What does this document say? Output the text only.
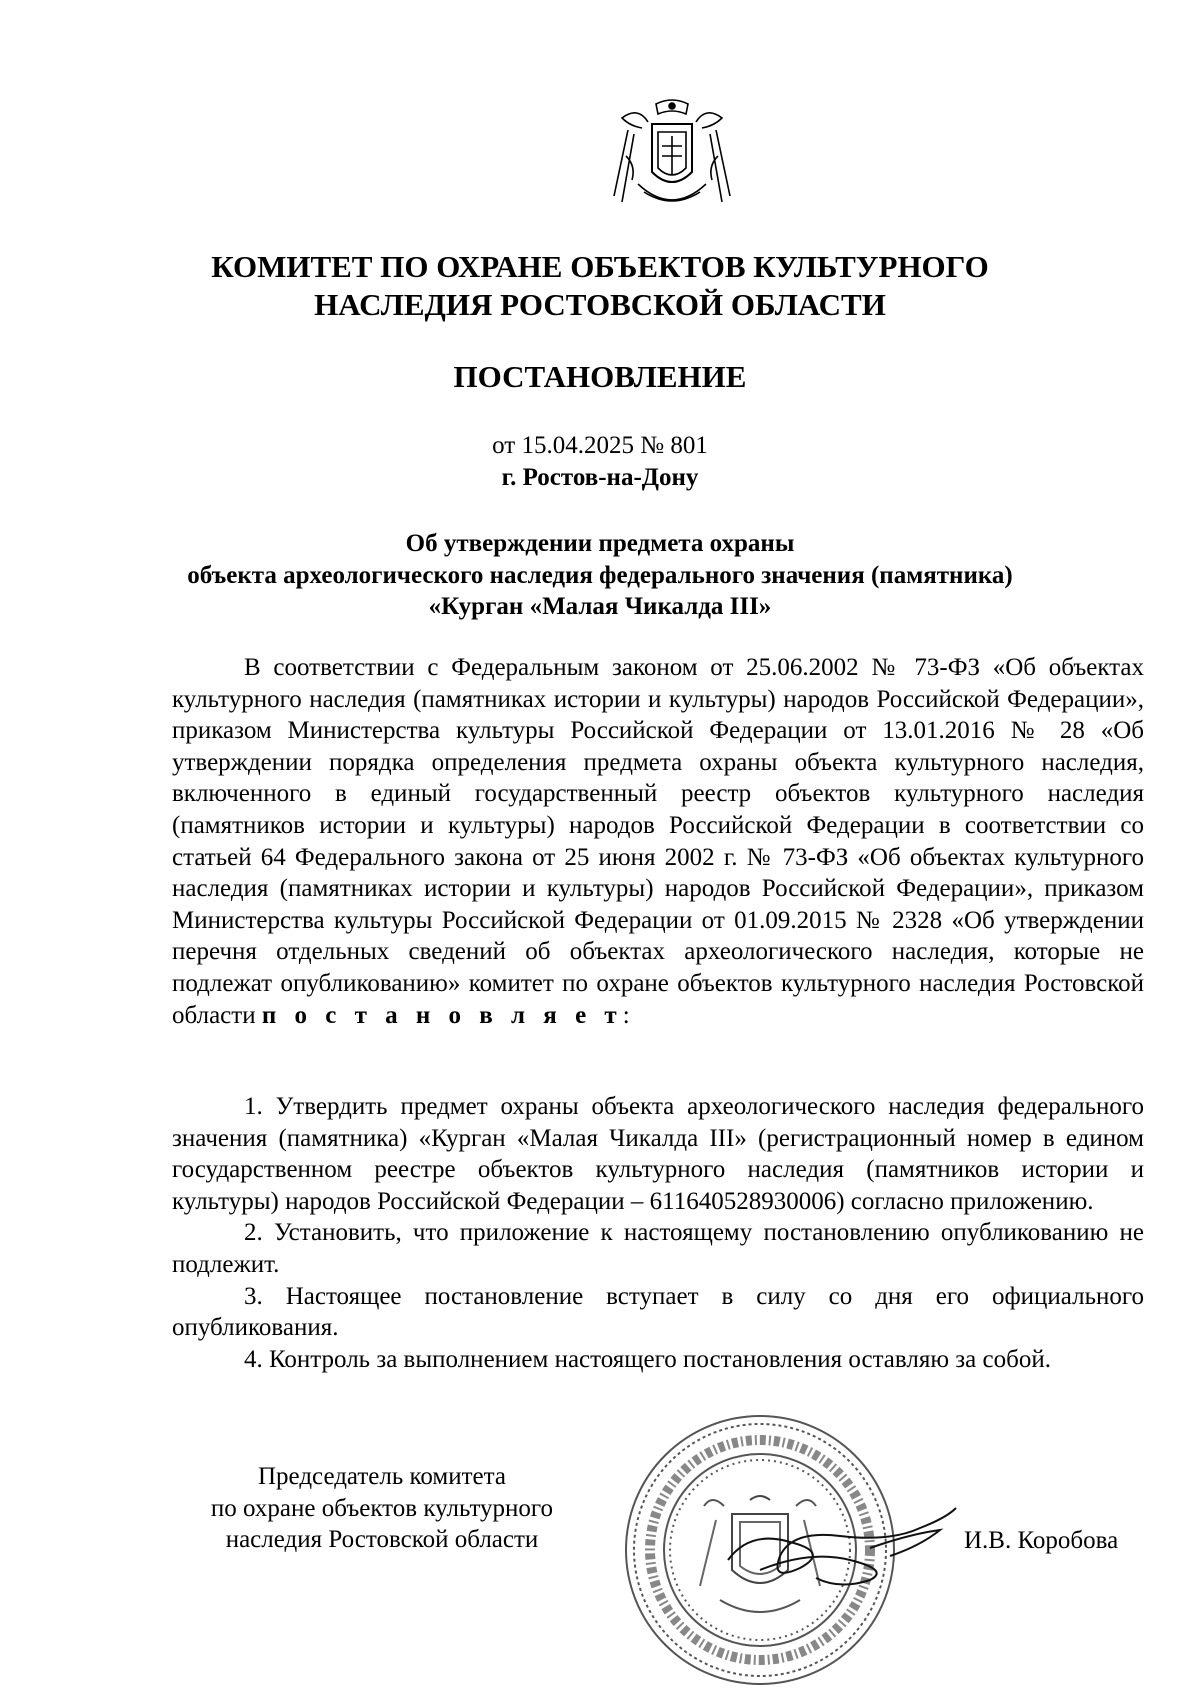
КОМИТЕТ ПО ОХРАНЕ ОБЪЕКТОВ КУЛЬТУРНОГО
НАСЛЕДИЯ РОСТОВСКОЙ ОБЛАСТИ
ПОСТАНОВЛЕНИЕ
от 15.04.2025 № 801
г. Ростов-на-Дону
Об утверждении предмета охраны
объекта археологического наследия федерального значения (памятника)
«Курган «Малая Чикалда III»
В соответствии с Федеральным законом от 25.06.2002 № 73-ФЗ «Об объектах культурного наследия (памятниках истории и культуры) народов Российской Федерации», приказом Министерства культуры Российской Федерации от 13.01.2016 № 28 «Об утверждении порядка определения предмета охраны объекта культурного наследия, включенного в единый государственный реестр объектов культурного наследия (памятников истории и культуры) народов Российской Федерации в соответствии со статьей 64 Федерального закона от 25 июня 2002 г. № 73-ФЗ «Об объектах культурного наследия (памятниках истории и культуры) народов Российской Федерации», приказом Министерства культуры Российской Федерации от 01.09.2015 № 2328 «Об утверждении перечня отдельных сведений об объектах археологического наследия, которые не подлежат опубликованию» комитет по охране объектов культурного наследия Ростовской области п о с т а н о в л я е т:

1. Утвердить предмет охраны объекта археологического наследия федерального значения (памятника) «Курган «Малая Чикалда III» (регистрационный номер в едином государственном реестре объектов культурного наследия (памятников истории и культуры) народов Российской Федерации – 611640528930006) согласно приложению.

2. Установить, что приложение к настоящему постановлению опубликованию не подлежит.

3. Настоящее постановление вступает в силу со дня его официального опубликования.

4. Контроль за выполнением настоящего постановления оставляю за собой.

Председатель комитета
по охране объектов культурного
наследия Ростовской области	И.В. Коробова
